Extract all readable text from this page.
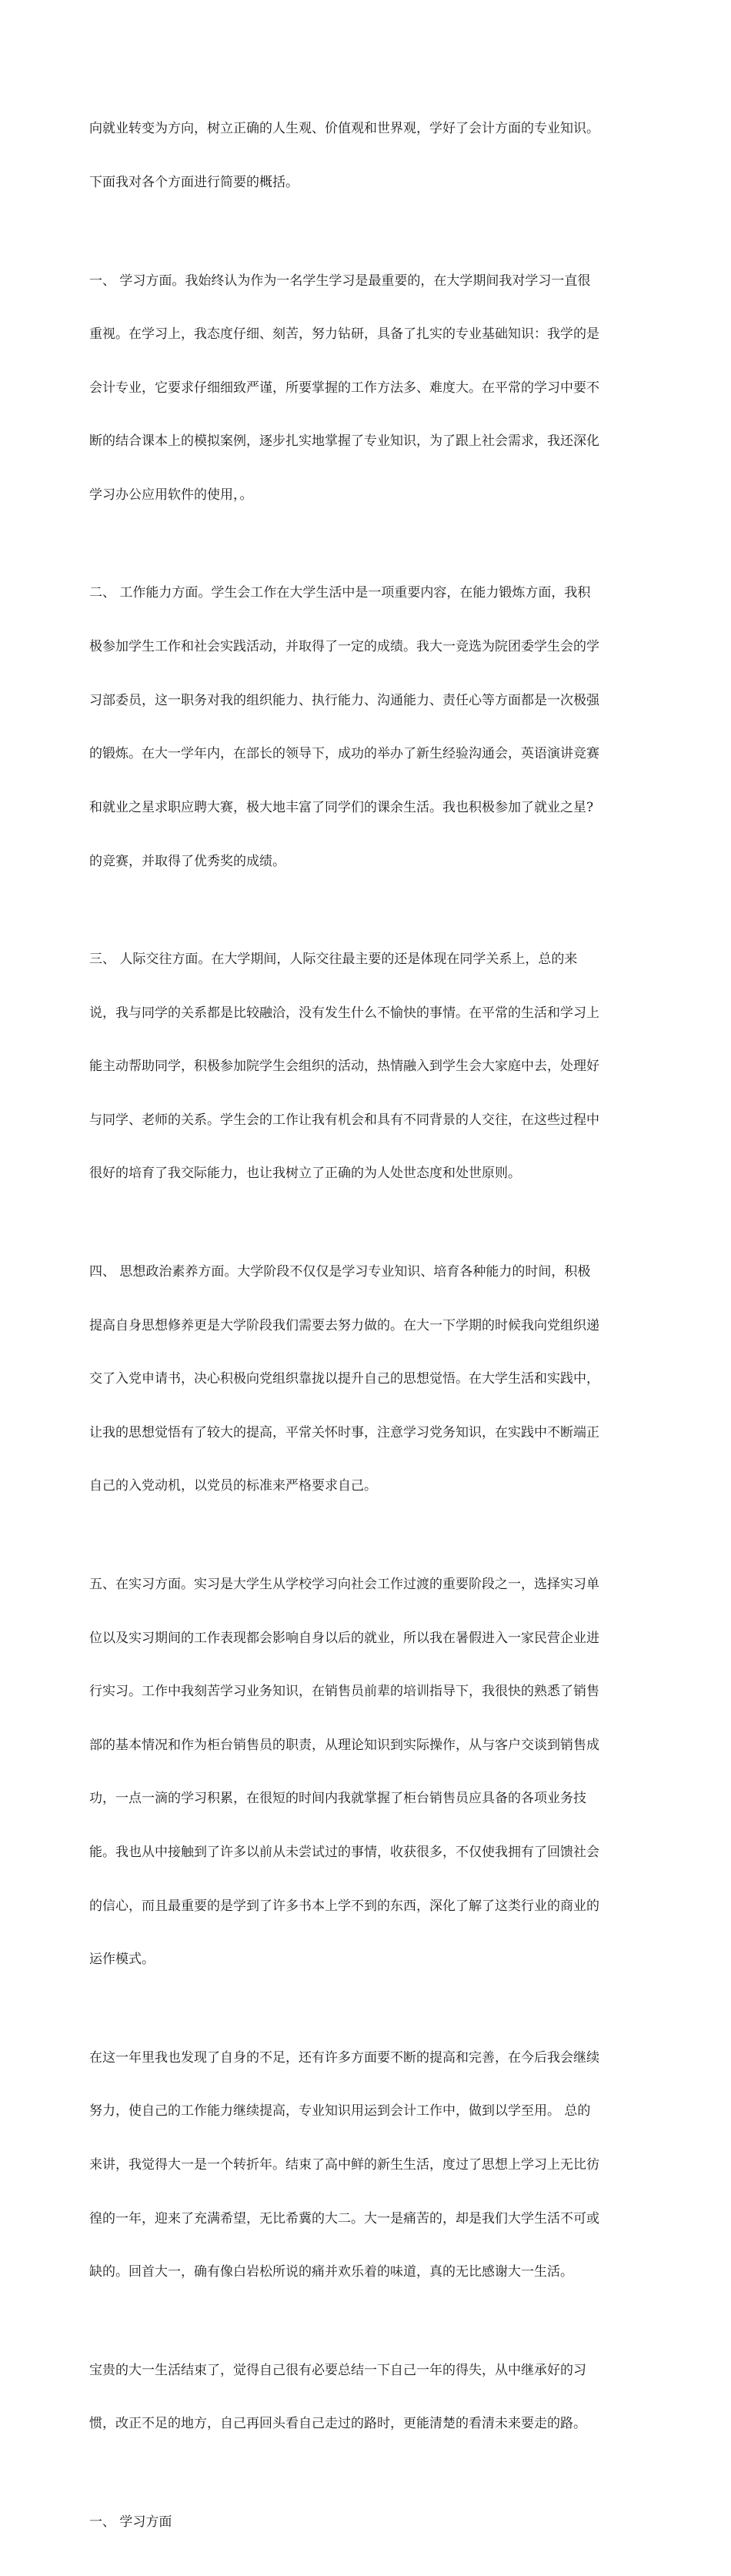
向就业转变为方向，树立正确的人生观、价值观和世界观，学好了会计方面的专业知识。

下面我对各个方面进行简要的概括。

一、 学习方面。我始终认为作为一名学生学习是最重要的，在大学期间我对学习一直很

重视。在学习上，我态度仔细、刻苦，努力钻研，具备了扎实的专业基础知识：我学的是

会计专业，它要求仔细细致严谨，所要掌握的工作方法多、难度大。在平常的学习中要不

断的结合课本上的模拟案例，逐步扎实地掌握了专业知识，为了跟上社会需求，我还深化

学习办公应用软件的使用，。

二、 工作能力方面。学生会工作在大学生活中是一项重要内容，在能力锻炼方面，我积

极参加学生工作和社会实践活动，并取得了一定的成绩。我大一竞选为院团委学生会的学

习部委员，这一职务对我的组织能力、执行能力、沟通能力、责任心等方面都是一次极强

的锻炼。在大一学年内，在部长的领导下，成功的举办了新生经验沟通会，英语演讲竞赛

和就业之星求职应聘大赛，极大地丰富了同学们的课余生活。我也积极参加了就业之星?

的竞赛，并取得了优秀奖的成绩。

三、 人际交往方面。在大学期间，人际交往最主要的还是体现在同学关系上，总的来

说，我与同学的关系都是比较融洽，没有发生什么不愉快的事情。在平常的生活和学习上

能主动帮助同学，积极参加院学生会组织的活动，热情融入到学生会大家庭中去，处理好

与同学、老师的关系。学生会的工作让我有机会和具有不同背景的人交往，在这些过程中

很好的培育了我交际能力，也让我树立了正确的为人处世态度和处世原则。

四、 思想政治素养方面。大学阶段不仅仅是学习专业知识、培育各种能力的时间，积极

提高自身思想修养更是大学阶段我们需要去努力做的。在大一下学期的时候我向党组织递

交了入党申请书，决心积极向党组织靠拢以提升自己的思想觉悟。在大学生活和实践中，

让我的思想觉悟有了较大的提高，平常关怀时事，注意学习党务知识，在实践中不断端正

自己的入党动机，以党员的标准来严格要求自己。

五、在实习方面。实习是大学生从学校学习向社会工作过渡的重要阶段之一，选择实习单

位以及实习期间的工作表现都会影响自身以后的就业，所以我在暑假进入一家民营企业进

行实习。工作中我刻苦学习业务知识，在销售员前辈的培训指导下，我很快的熟悉了销售

部的基本情况和作为柜台销售员的职责，从理论知识到实际操作，从与客户交谈到销售成

功，一点一滴的学习积累，在很短的时间内我就掌握了柜台销售员应具备的各项业务技

能。我也从中接触到了许多以前从未尝试过的事情，收获很多，不仅使我拥有了回馈社会

的信心，而且最重要的是学到了许多书本上学不到的东西，深化了解了这类行业的商业的

运作模式。

在这一年里我也发现了自身的不足，还有许多方面要不断的提高和完善，在今后我会继续

努力，使自己的工作能力继续提高，专业知识用运到会计工作中，做到以学至用。 总的

来讲，我觉得大一是一个转折年。结束了高中鲜的新生生活，度过了思想上学习上无比彷

徨的一年，迎来了充满希望，无比希冀的大二。大一是痛苦的，却是我们大学生活不可或

缺的。回首大一，确有像白岩松所说的痛并欢乐着的味道，真的无比感谢大一生活。

宝贵的大一生活结束了，觉得自己很有必要总结一下自己一年的得失，从中继承好的习

惯，改正不足的地方，自己再回头看自己走过的路时，更能清楚的看清未来要走的路。

一、 学习方面
